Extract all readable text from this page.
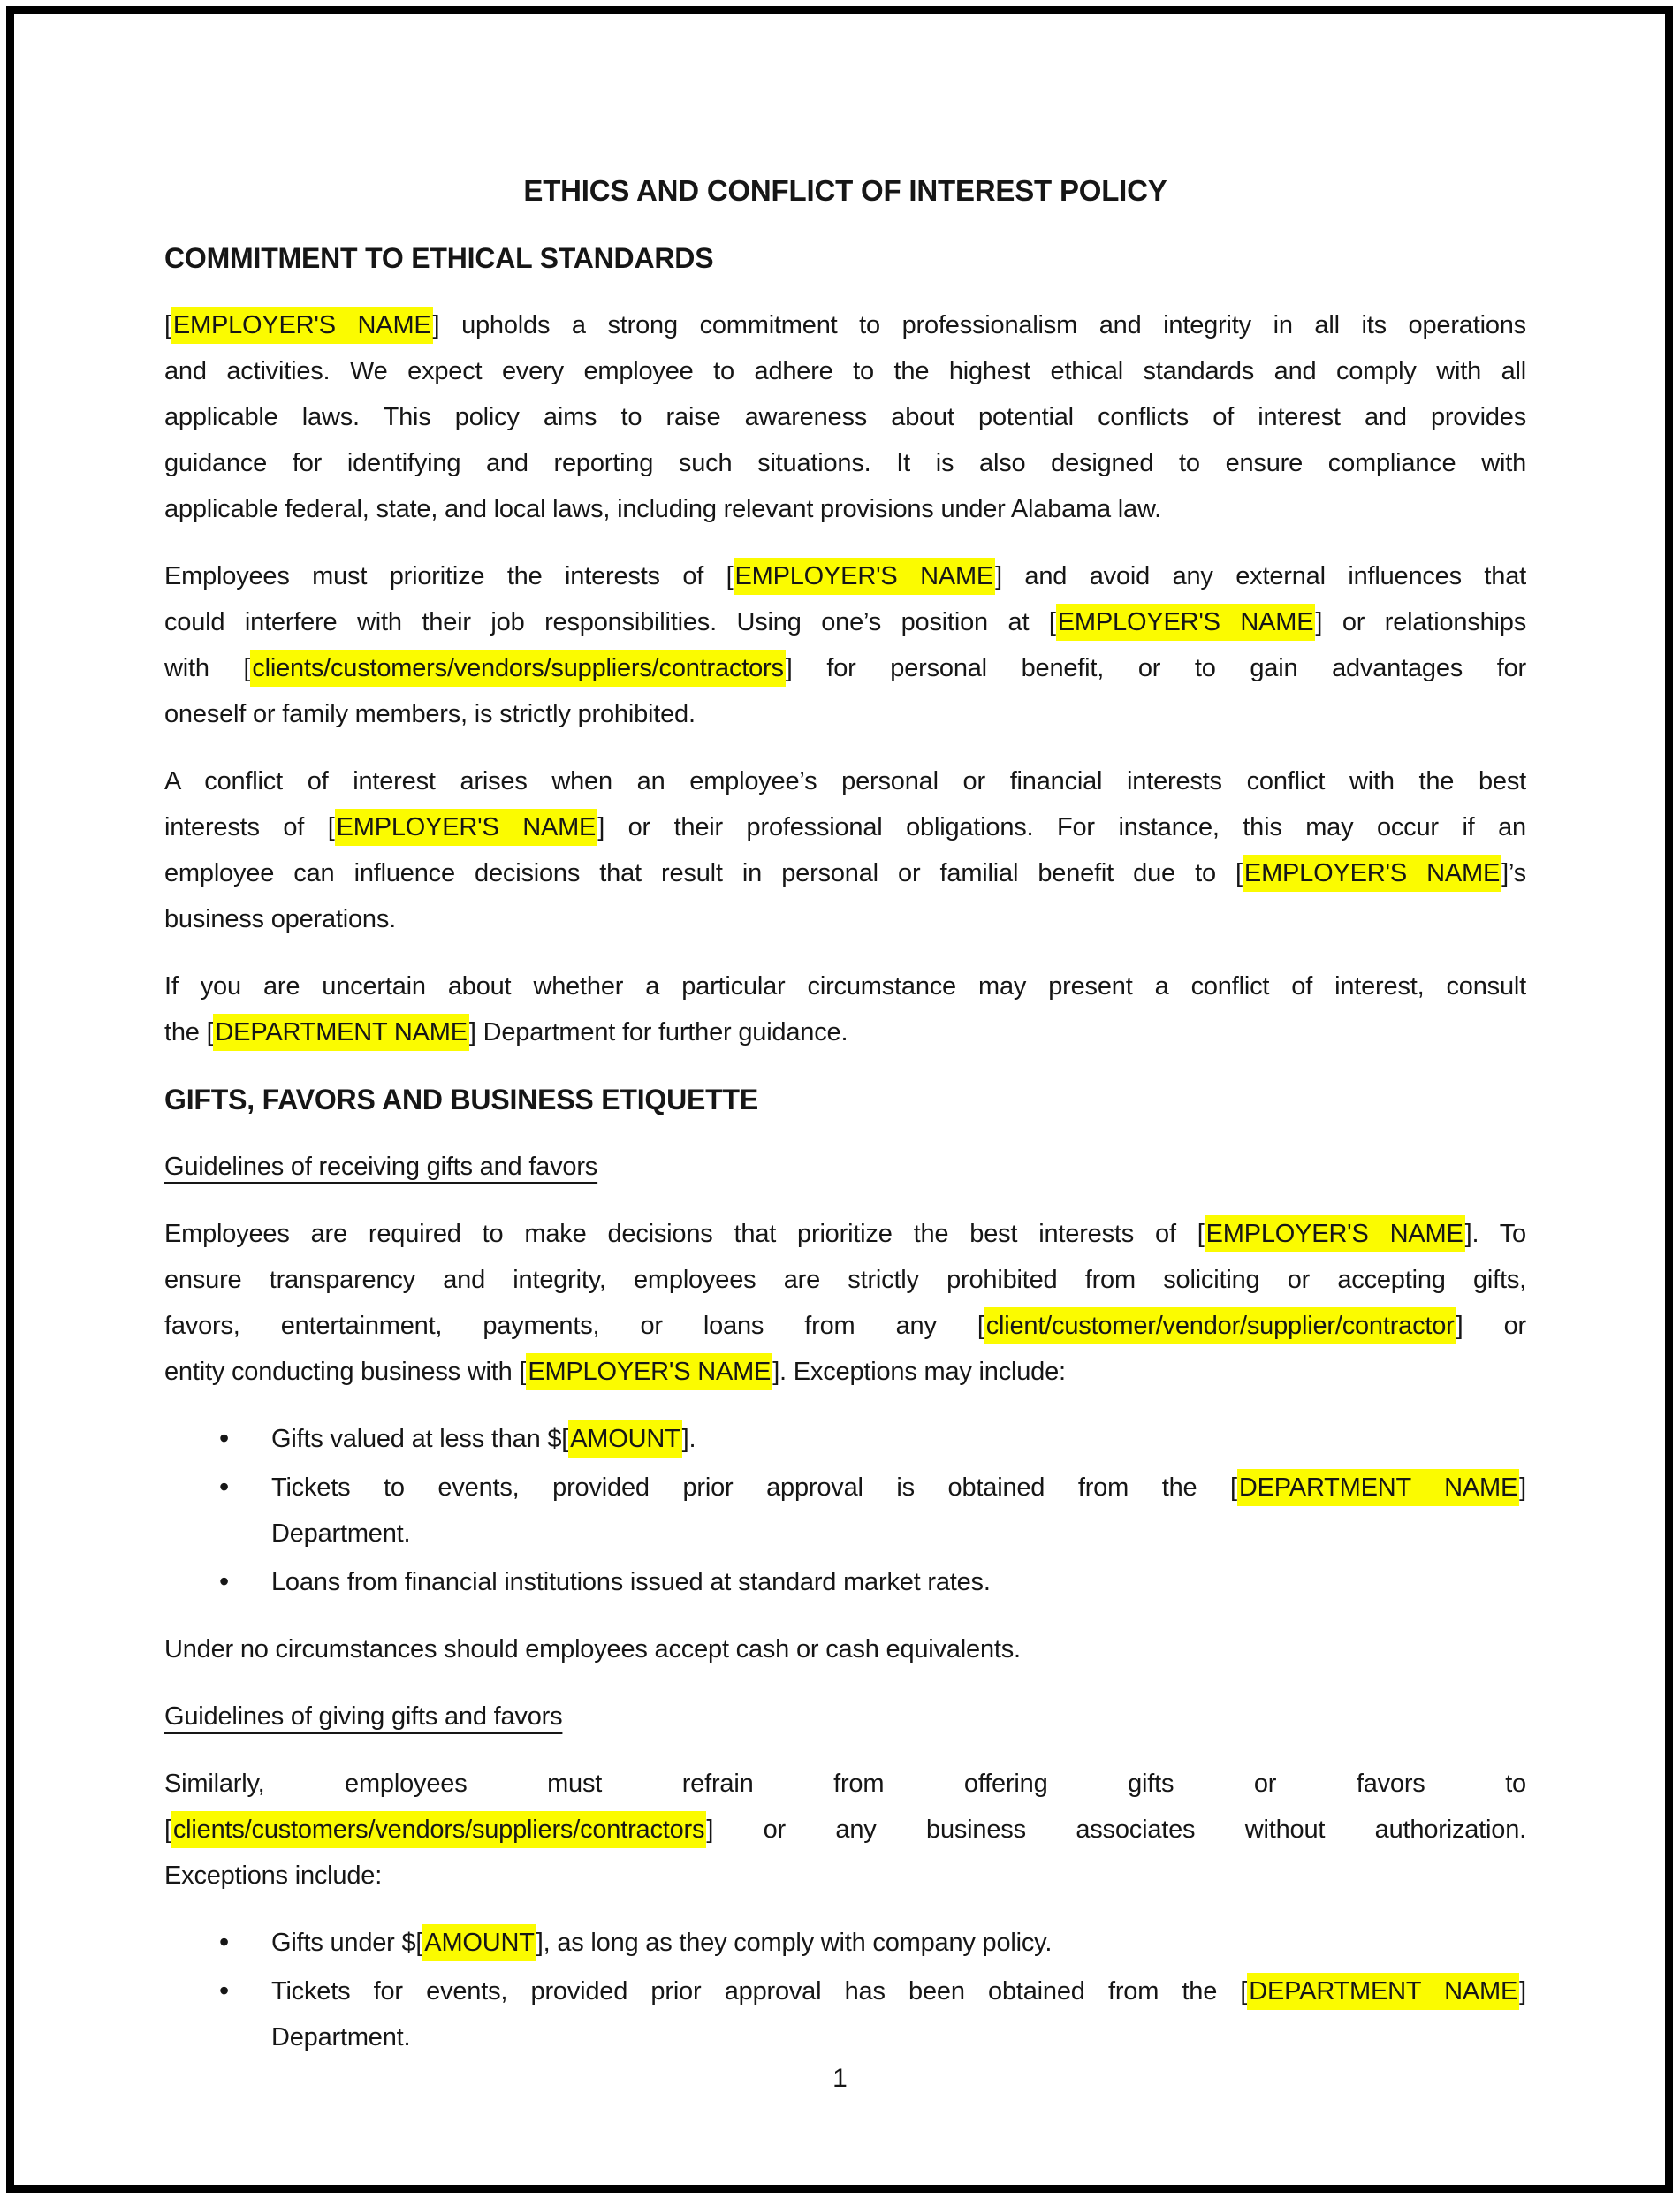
ETHICS AND CONFLICT OF INTEREST POLICY
COMMITMENT TO ETHICAL STANDARDS
[EMPLOYER'S NAME] upholds a strong commitment to professionalism and integrity in all its operations
and activities. We expect every employee to adhere to the highest ethical standards and comply with all
applicable laws. This policy aims to raise awareness about potential conflicts of interest and provides
guidance for identifying and reporting such situations. It is also designed to ensure compliance with
applicable federal, state, and local laws, including relevant provisions under Alabama law.
Employees must prioritize the interests of [EMPLOYER'S NAME] and avoid any external influences that
could interfere with their job responsibilities. Using one’s position at [EMPLOYER'S NAME] or relationships
with [clients/customers/vendors/suppliers/contractors] for personal benefit, or to gain advantages for
oneself or family members, is strictly prohibited.
A conflict of interest arises when an employee’s personal or financial interests conflict with the best
interests of [EMPLOYER'S NAME] or their professional obligations. For instance, this may occur if an
employee can influence decisions that result in personal or familial benefit due to [EMPLOYER'S NAME]’s
business operations.
If you are uncertain about whether a particular circumstance may present a conflict of interest, consult
the [DEPARTMENT NAME] Department for further guidance.
GIFTS, FAVORS AND BUSINESS ETIQUETTE
Guidelines of receiving gifts and favors
Employees are required to make decisions that prioritize the best interests of [EMPLOYER'S NAME]. To
ensure transparency and integrity, employees are strictly prohibited from soliciting or accepting gifts,
favors, entertainment, payments, or loans from any [client/customer/vendor/supplier/contractor] or
entity conducting business with [EMPLOYER'S NAME]. Exceptions may include:
• Gifts valued at less than $[AMOUNT].
• Tickets to events, provided prior approval is obtained from the [DEPARTMENT NAME]
Department.
• Loans from financial institutions issued at standard market rates.
Under no circumstances should employees accept cash or cash equivalents.
Guidelines of giving gifts and favors
Similarly, employees must refrain from offering gifts or favors to
[clients/customers/vendors/suppliers/contractors] or any business associates without authorization.
Exceptions include:
• Gifts under $[AMOUNT], as long as they comply with company policy.
• Tickets for events, provided prior approval has been obtained from the [DEPARTMENT NAME]
Department.
1
